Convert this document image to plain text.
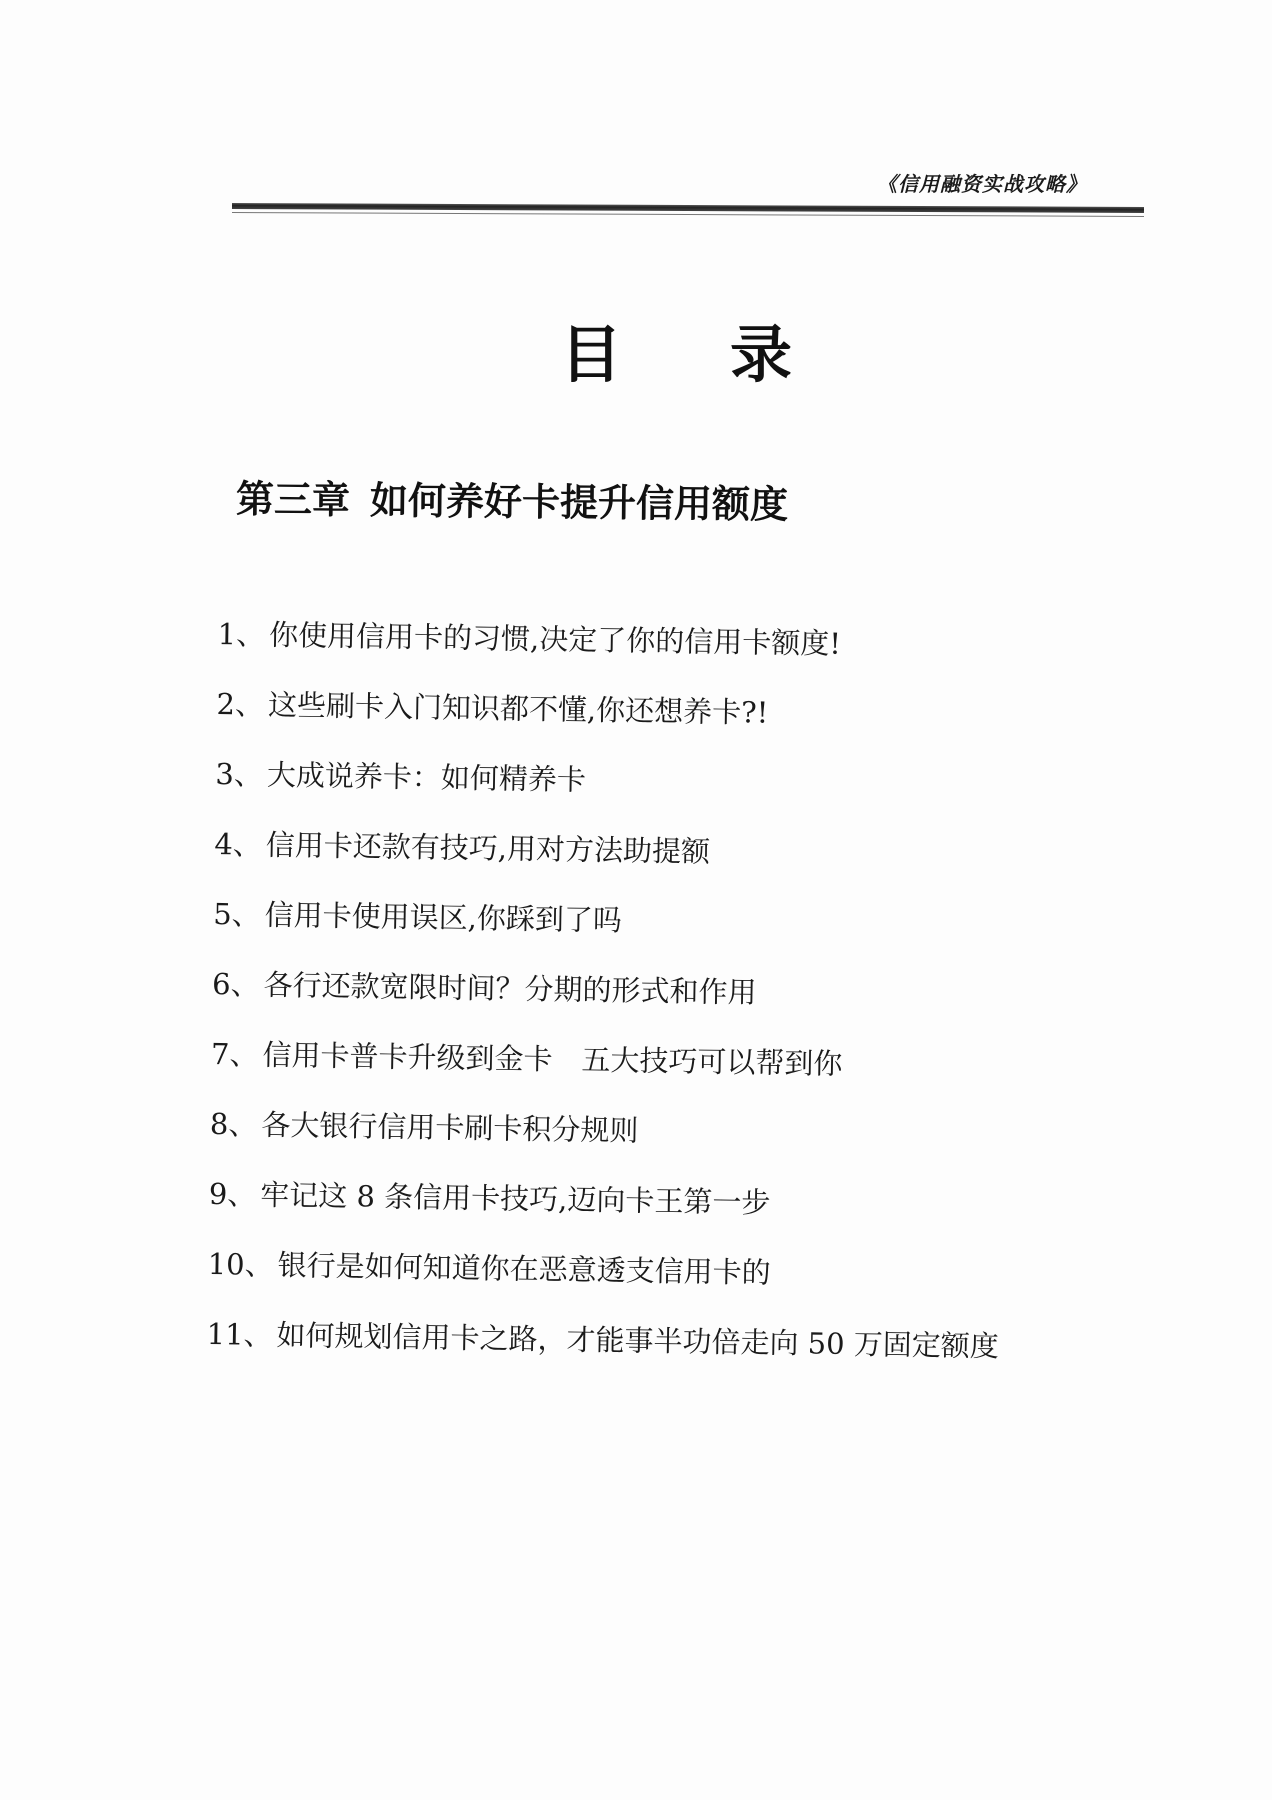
《信用融资实战攻略》
目录
第三章 如何养好卡提升信用额度
1、 你使用信用卡的习惯,决定了你的信用卡额度!
2、 这些刷卡入门知识都不懂,你还想养卡?!
3、 大成说养卡：如何精养卡
4、 信用卡还款有技巧,用对方法助提额
5、 信用卡使用误区,你踩到了吗
6、 各行还款宽限时间？分期的形式和作用
7、 信用卡普卡升级到金卡　五大技巧可以帮到你
8、 各大银行信用卡刷卡积分规则
9、 牢记这 8 条信用卡技巧,迈向卡王第一步
10、 银行是如何知道你在恶意透支信用卡的
11、 如何规划信用卡之路，才能事半功倍走向 50 万固定额度
